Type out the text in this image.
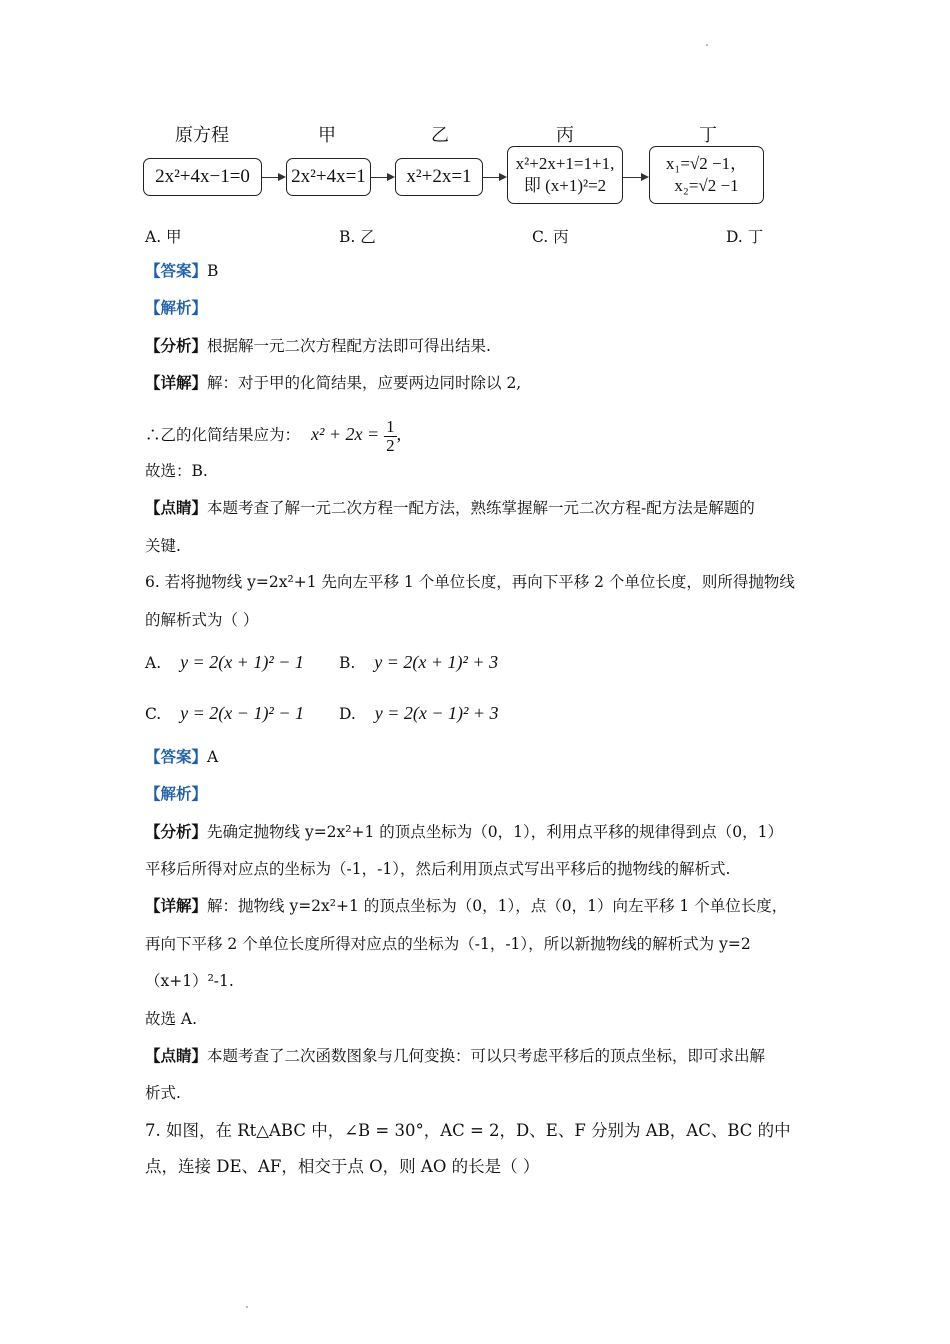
原方程	甲	乙	丙	丁
2x²+4x−1=0 2x²+4x=1 x²+2x=1
x²+2x+1=1+1,
即 (x+1)²=2
x₁=√2 −1，
x₂=√2 −1
A. 甲	B. 乙	C. 丙	D. 丁
【答案】B
【解析】
【分析】根据解一元二次方程配方法即可得出结果.
【详解】解：对于甲的化简结果，应要两边同时除以 2,
∴乙的化简结果应为： $x^2 + 2x = \frac{1}{2}$ ,
故选：B.
【点睛】本题考查了解一元二次方程一配方法，熟练掌握解一元二次方程-配方法是解题的
关键.
6. 若将抛物线 y=2x²+1 先向左平移 1 个单位长度，再向下平移 2 个单位长度，则所得抛物线
的解析式为（ ）
A. y = 2(x + 1)² − 1 B. y = 2(x + 1)² + 3
C. y = 2(x − 1)² − 1 D. y = 2(x − 1)² + 3
【答案】A
【解析】
【分析】先确定抛物线 y=2x²+1 的顶点坐标为（0，1），利用点平移的规律得到点（0，1）
平移后所得对应点的坐标为（-1，-1），然后利用顶点式写出平移后的抛物线的解析式.
【详解】解：抛物线 y=2x²+1 的顶点坐标为（0，1），点（0，1）向左平移 1 个单位长度，
再向下平移 2 个单位长度所得对应点的坐标为（-1，-1），所以新抛物线的解析式为 y=2
（x+1）²-1.
故选 A.
【点睛】本题考查了二次函数图象与几何变换：可以只考虑平移后的顶点坐标，即可求出解
析式.
7. 如图，在 Rt△ABC 中，∠B = 30°，AC = 2，D、E、F 分别为 AB，AC、BC 的中
点，连接 DE、AF，相交于点 O，则 AO 的长是（ ）
